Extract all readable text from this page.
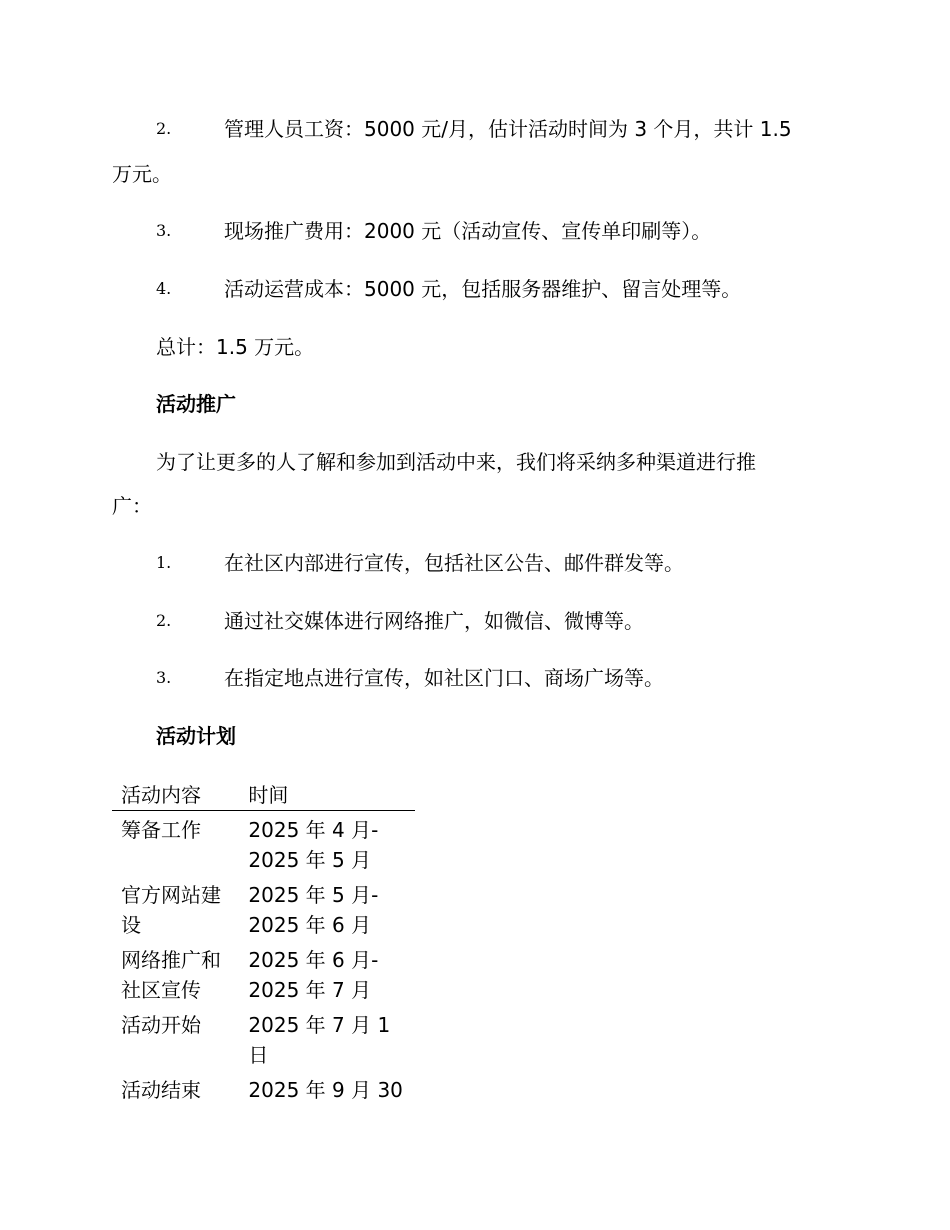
2.	管理人员工资：5000 元/月，估计活动时间为 3 个月，共计 1.5
万元。
3.	现场推广费用：2000 元（活动宣传、宣传单印刷等）。
4.	活动运营成本：5000 元，包括服务器维护、留言处理等。
总计：1.5 万元。
活动推广
为了让更多的人了解和参加到活动中来，我们将采纳多种渠道进行推
广：
1.	在社区内部进行宣传，包括社区公告、邮件群发等。
2.	通过社交媒体进行网络推广，如微信、微博等。
3.	在指定地点进行宣传，如社区门口、商场广场等。
活动计划
活动内容	时间
筹备工作	2025 年 4 月-
2025 年 5 月
官方网站建
设	2025 年 5 月-
2025 年 6 月
网络推广和
社区宣传	2025 年 6 月-
2025 年 7 月
活动开始	2025 年 7 月 1
日
活动结束	2025 年 9 月 30
